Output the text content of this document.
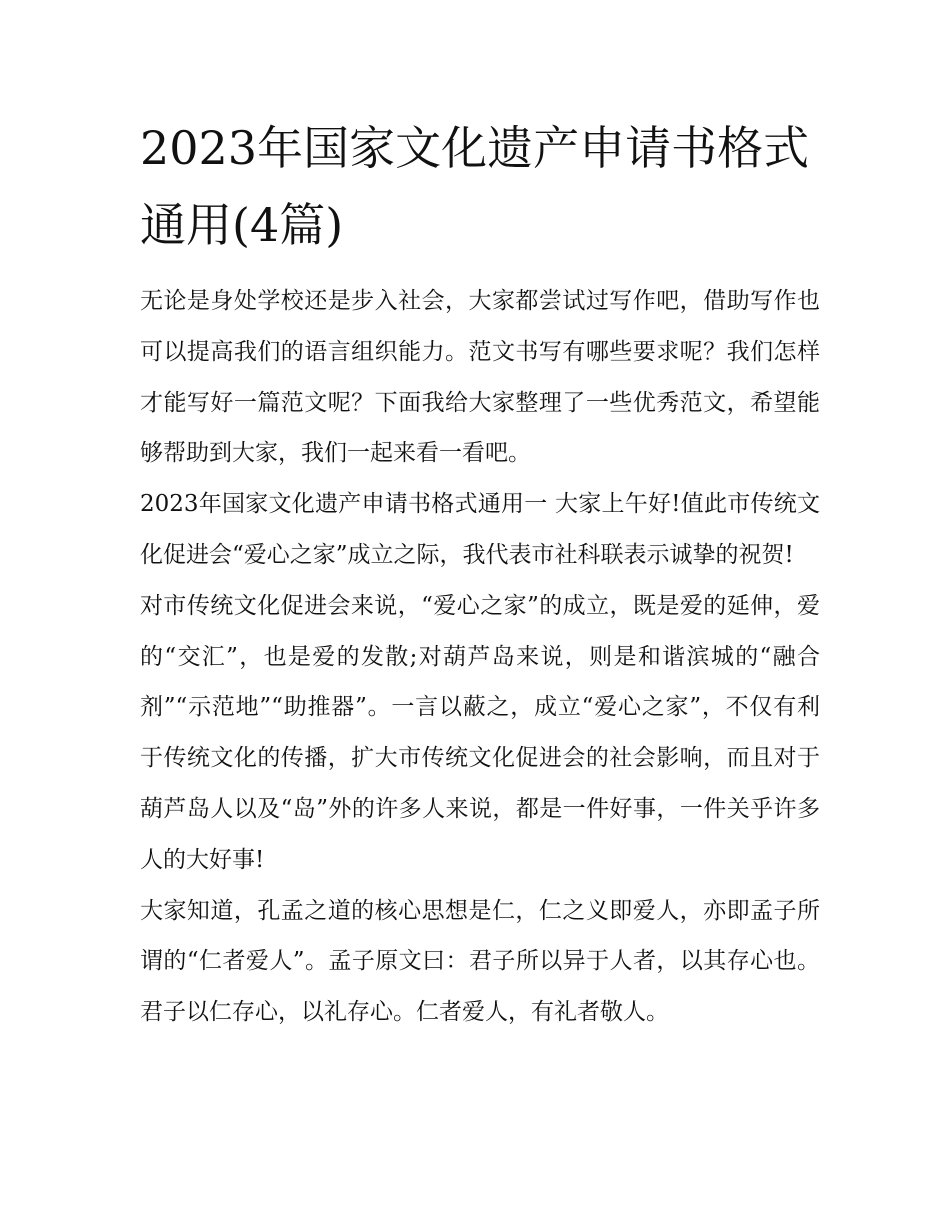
2023年国家文化遗产申请书格式通用(4篇)

无论是身处学校还是步入社会，大家都尝试过写作吧，借助写作也可以提高我们的语言组织能力。范文书写有哪些要求呢？我们怎样才能写好一篇范文呢？下面我给大家整理了一些优秀范文，希望能够帮助到大家，我们一起来看一看吧。

2023年国家文化遗产申请书格式通用一 大家上午好!值此市传统文化促进会“爱心之家”成立之际，我代表市社科联表示诚挚的祝贺!

对市传统文化促进会来说，“爱心之家”的成立，既是爱的延伸，爱的“交汇”，也是爱的发散;对葫芦岛来说，则是和谐滨城的“融合剂”“示范地”“助推器”。一言以蔽之，成立“爱心之家”，不仅有利于传统文化的传播，扩大市传统文化促进会的社会影响，而且对于葫芦岛人以及“岛”外的许多人来说，都是一件好事，一件关乎许多人的大好事!

大家知道，孔孟之道的核心思想是仁，仁之义即爱人，亦即孟子所谓的“仁者爱人”。孟子原文曰：君子所以异于人者，以其存心也。君子以仁存心，以礼存心。仁者爱人，有礼者敬人。
